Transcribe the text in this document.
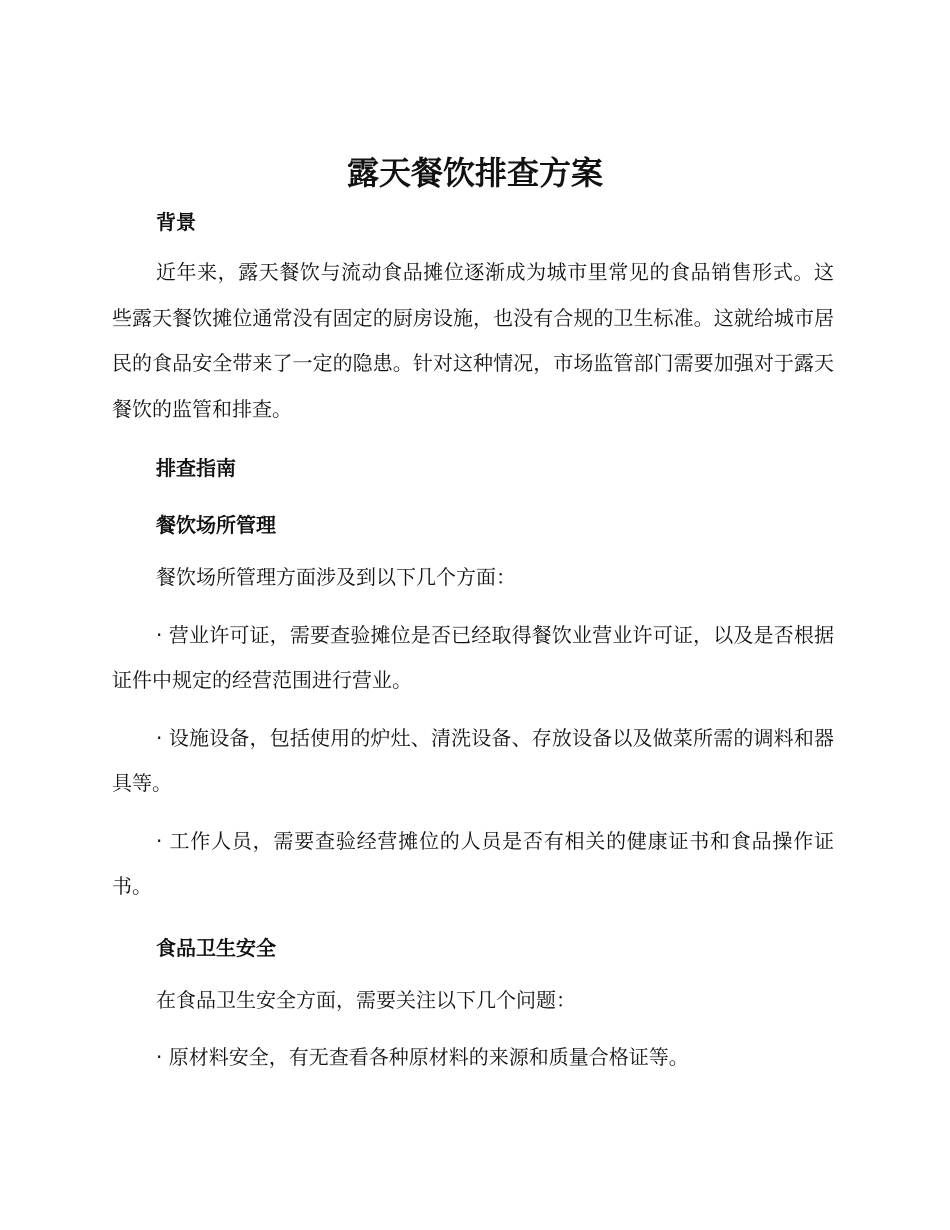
露天餐饮排查方案

背景

近年来，露天餐饮与流动食品摊位逐渐成为城市里常见的食品销售形式。这些露天餐饮摊位通常没有固定的厨房设施，也没有合规的卫生标准。这就给城市居民的食品安全带来了一定的隐患。针对这种情况，市场监管部门需要加强对于露天餐饮的监管和排查。

排查指南

餐饮场所管理

餐饮场所管理方面涉及到以下几个方面：

· 营业许可证，需要查验摊位是否已经取得餐饮业营业许可证，以及是否根据证件中规定的经营范围进行营业。

· 设施设备，包括使用的炉灶、清洗设备、存放设备以及做菜所需的调料和器具等。

· 工作人员，需要查验经营摊位的人员是否有相关的健康证书和食品操作证书。

食品卫生安全

在食品卫生安全方面，需要关注以下几个问题：

· 原材料安全，有无查看各种原材料的来源和质量合格证等。
